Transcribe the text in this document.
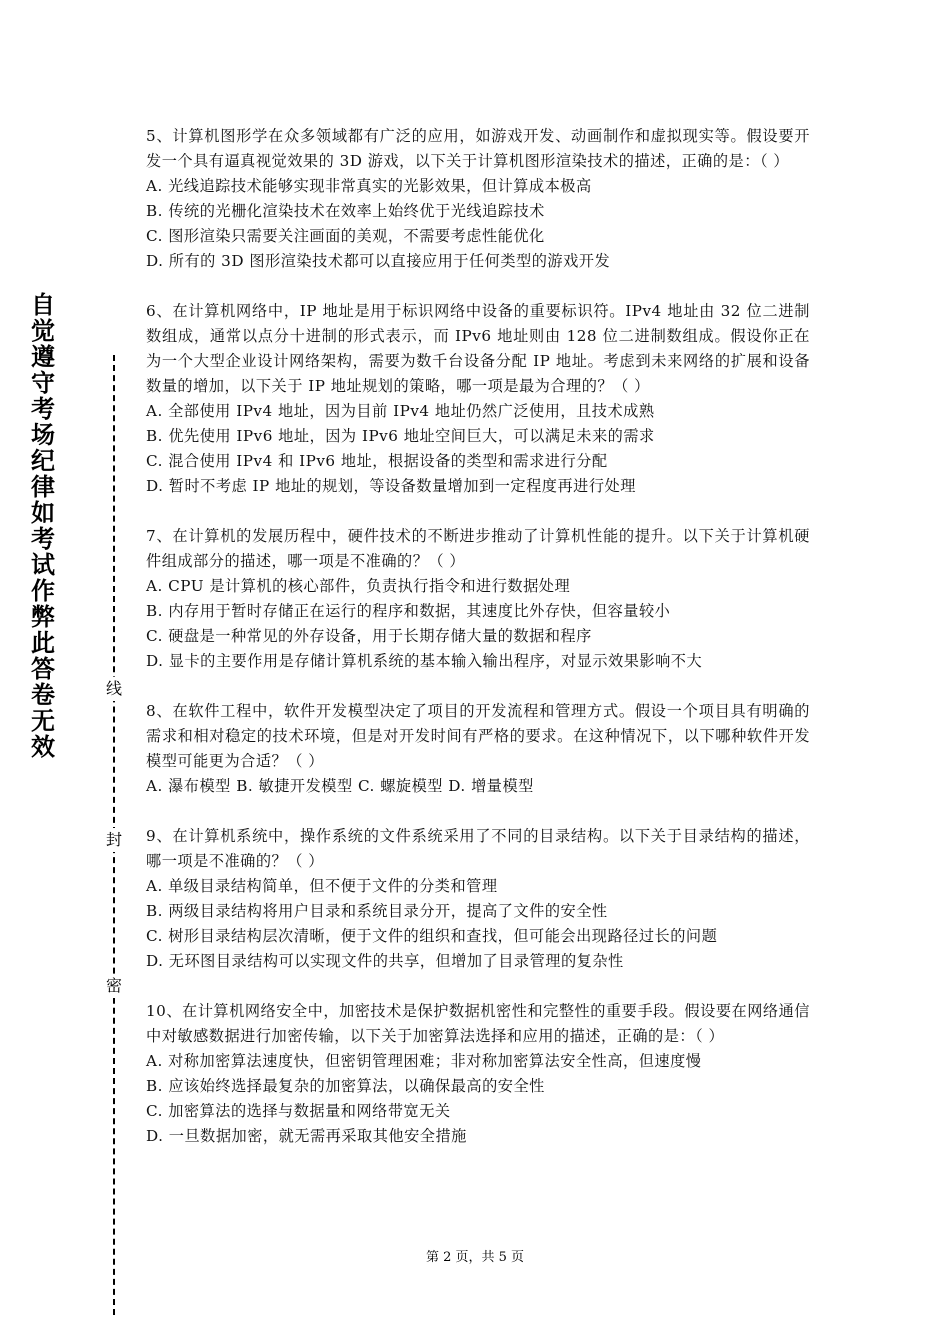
自觉遵守考场纪律如考试作弊此答卷无效
线
封
密

5、计算机图形学在众多领域都有广泛的应用，如游戏开发、动画制作和虚拟现实等。假设要开发一个具有逼真视觉效果的 3D 游戏，以下关于计算机图形渲染技术的描述，正确的是：（ ）

A. 光线追踪技术能够实现非常真实的光影效果，但计算成本极高

B. 传统的光栅化渲染技术在效率上始终优于光线追踪技术

C. 图形渲染只需要关注画面的美观，不需要考虑性能优化

D. 所有的 3D 图形渲染技术都可以直接应用于任何类型的游戏开发

6、在计算机网络中，IP 地址是用于标识网络中设备的重要标识符。IPv4 地址由 32 位二进制数组成，通常以点分十进制的形式表示，而 IPv6 地址则由 128 位二进制数组成。假设你正在为一个大型企业设计网络架构，需要为数千台设备分配 IP 地址。考虑到未来网络的扩展和设备数量的增加，以下关于 IP 地址规划的策略，哪一项是最为合理的？（ ）

A. 全部使用 IPv4 地址，因为目前 IPv4 地址仍然广泛使用，且技术成熟

B. 优先使用 IPv6 地址，因为 IPv6 地址空间巨大，可以满足未来的需求

C. 混合使用 IPv4 和 IPv6 地址，根据设备的类型和需求进行分配

D. 暂时不考虑 IP 地址的规划，等设备数量增加到一定程度再进行处理

7、在计算机的发展历程中，硬件技术的不断进步推动了计算机性能的提升。以下关于计算机硬件组成部分的描述，哪一项是不准确的？（ ）

A. CPU 是计算机的核心部件，负责执行指令和进行数据处理

B. 内存用于暂时存储正在运行的程序和数据，其速度比外存快，但容量较小

C. 硬盘是一种常见的外存设备，用于长期存储大量的数据和程序

D. 显卡的主要作用是存储计算机系统的基本输入输出程序，对显示效果影响不大

8、在软件工程中，软件开发模型决定了项目的开发流程和管理方式。假设一个项目具有明确的需求和相对稳定的技术环境，但是对开发时间有严格的要求。在这种情况下，以下哪种软件开发模型可能更为合适？（ ）

A. 瀑布模型 B. 敏捷开发模型 C. 螺旋模型 D. 增量模型

9、在计算机系统中，操作系统的文件系统采用了不同的目录结构。以下关于目录结构的描述，哪一项是不准确的？（ ）

A. 单级目录结构简单，但不便于文件的分类和管理

B. 两级目录结构将用户目录和系统目录分开，提高了文件的安全性

C. 树形目录结构层次清晰，便于文件的组织和查找，但可能会出现路径过长的问题

D. 无环图目录结构可以实现文件的共享，但增加了目录管理的复杂性

10、在计算机网络安全中，加密技术是保护数据机密性和完整性的重要手段。假设要在网络通信中对敏感数据进行加密传输，以下关于加密算法选择和应用的描述，正确的是：（ ）

A. 对称加密算法速度快，但密钥管理困难；非对称加密算法安全性高，但速度慢

B. 应该始终选择最复杂的加密算法，以确保最高的安全性

C. 加密算法的选择与数据量和网络带宽无关

D. 一旦数据加密，就无需再采取其他安全措施

第 2 页，共 5 页
